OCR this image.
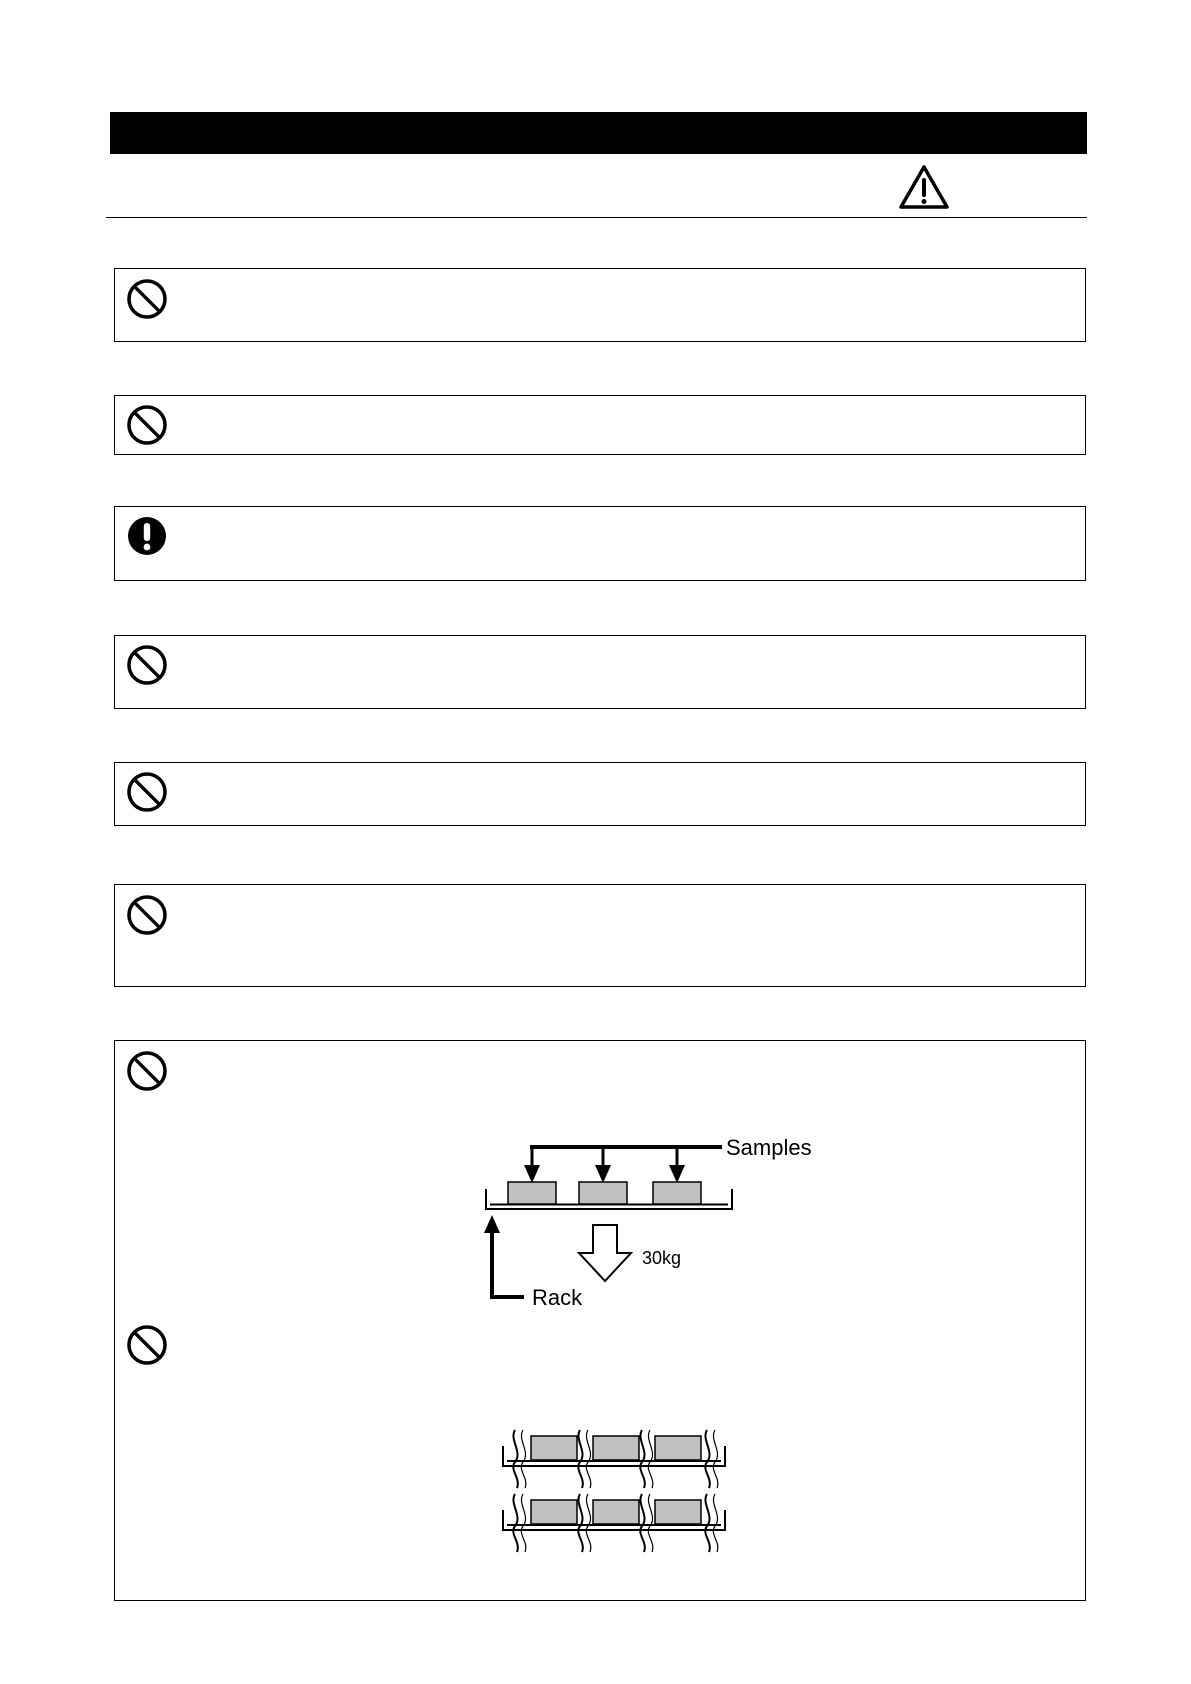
Samples
30kg
Rack
